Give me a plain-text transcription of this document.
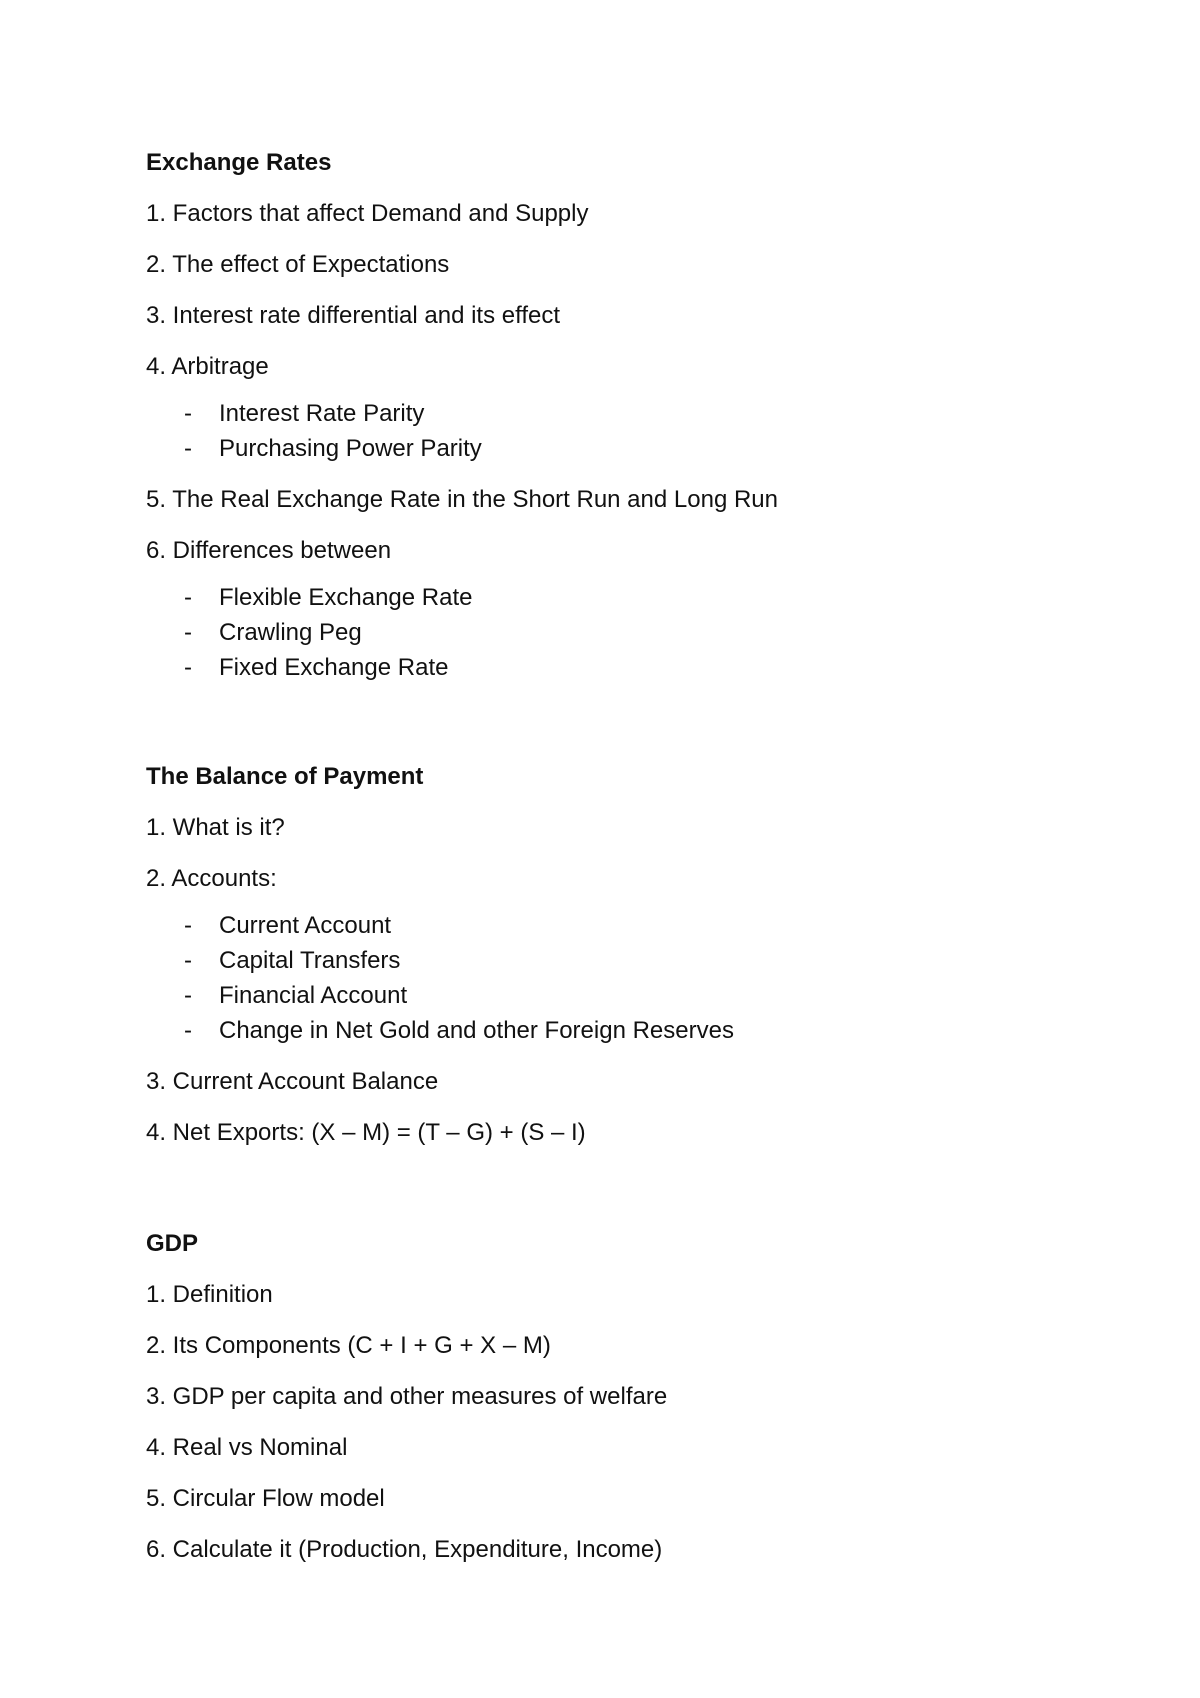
Exchange Rates
1. Factors that affect Demand and Supply
2. The effect of Expectations
3. Interest rate differential and its effect
4. Arbitrage
- Interest Rate Parity
- Purchasing Power Parity
5. The Real Exchange Rate in the Short Run and Long Run
6. Differences between
- Flexible Exchange Rate
- Crawling Peg
- Fixed Exchange Rate
The Balance of Payment
1. What is it?
2. Accounts:
- Current Account
- Capital Transfers
- Financial Account
- Change in Net Gold and other Foreign Reserves
3. Current Account Balance
4. Net Exports: (X – M) = (T – G) + (S – I)
GDP
1. Definition
2. Its Components (C + I + G + X – M)
3. GDP per capita and other measures of welfare
4. Real vs Nominal
5. Circular Flow model
6. Calculate it (Production, Expenditure, Income)
